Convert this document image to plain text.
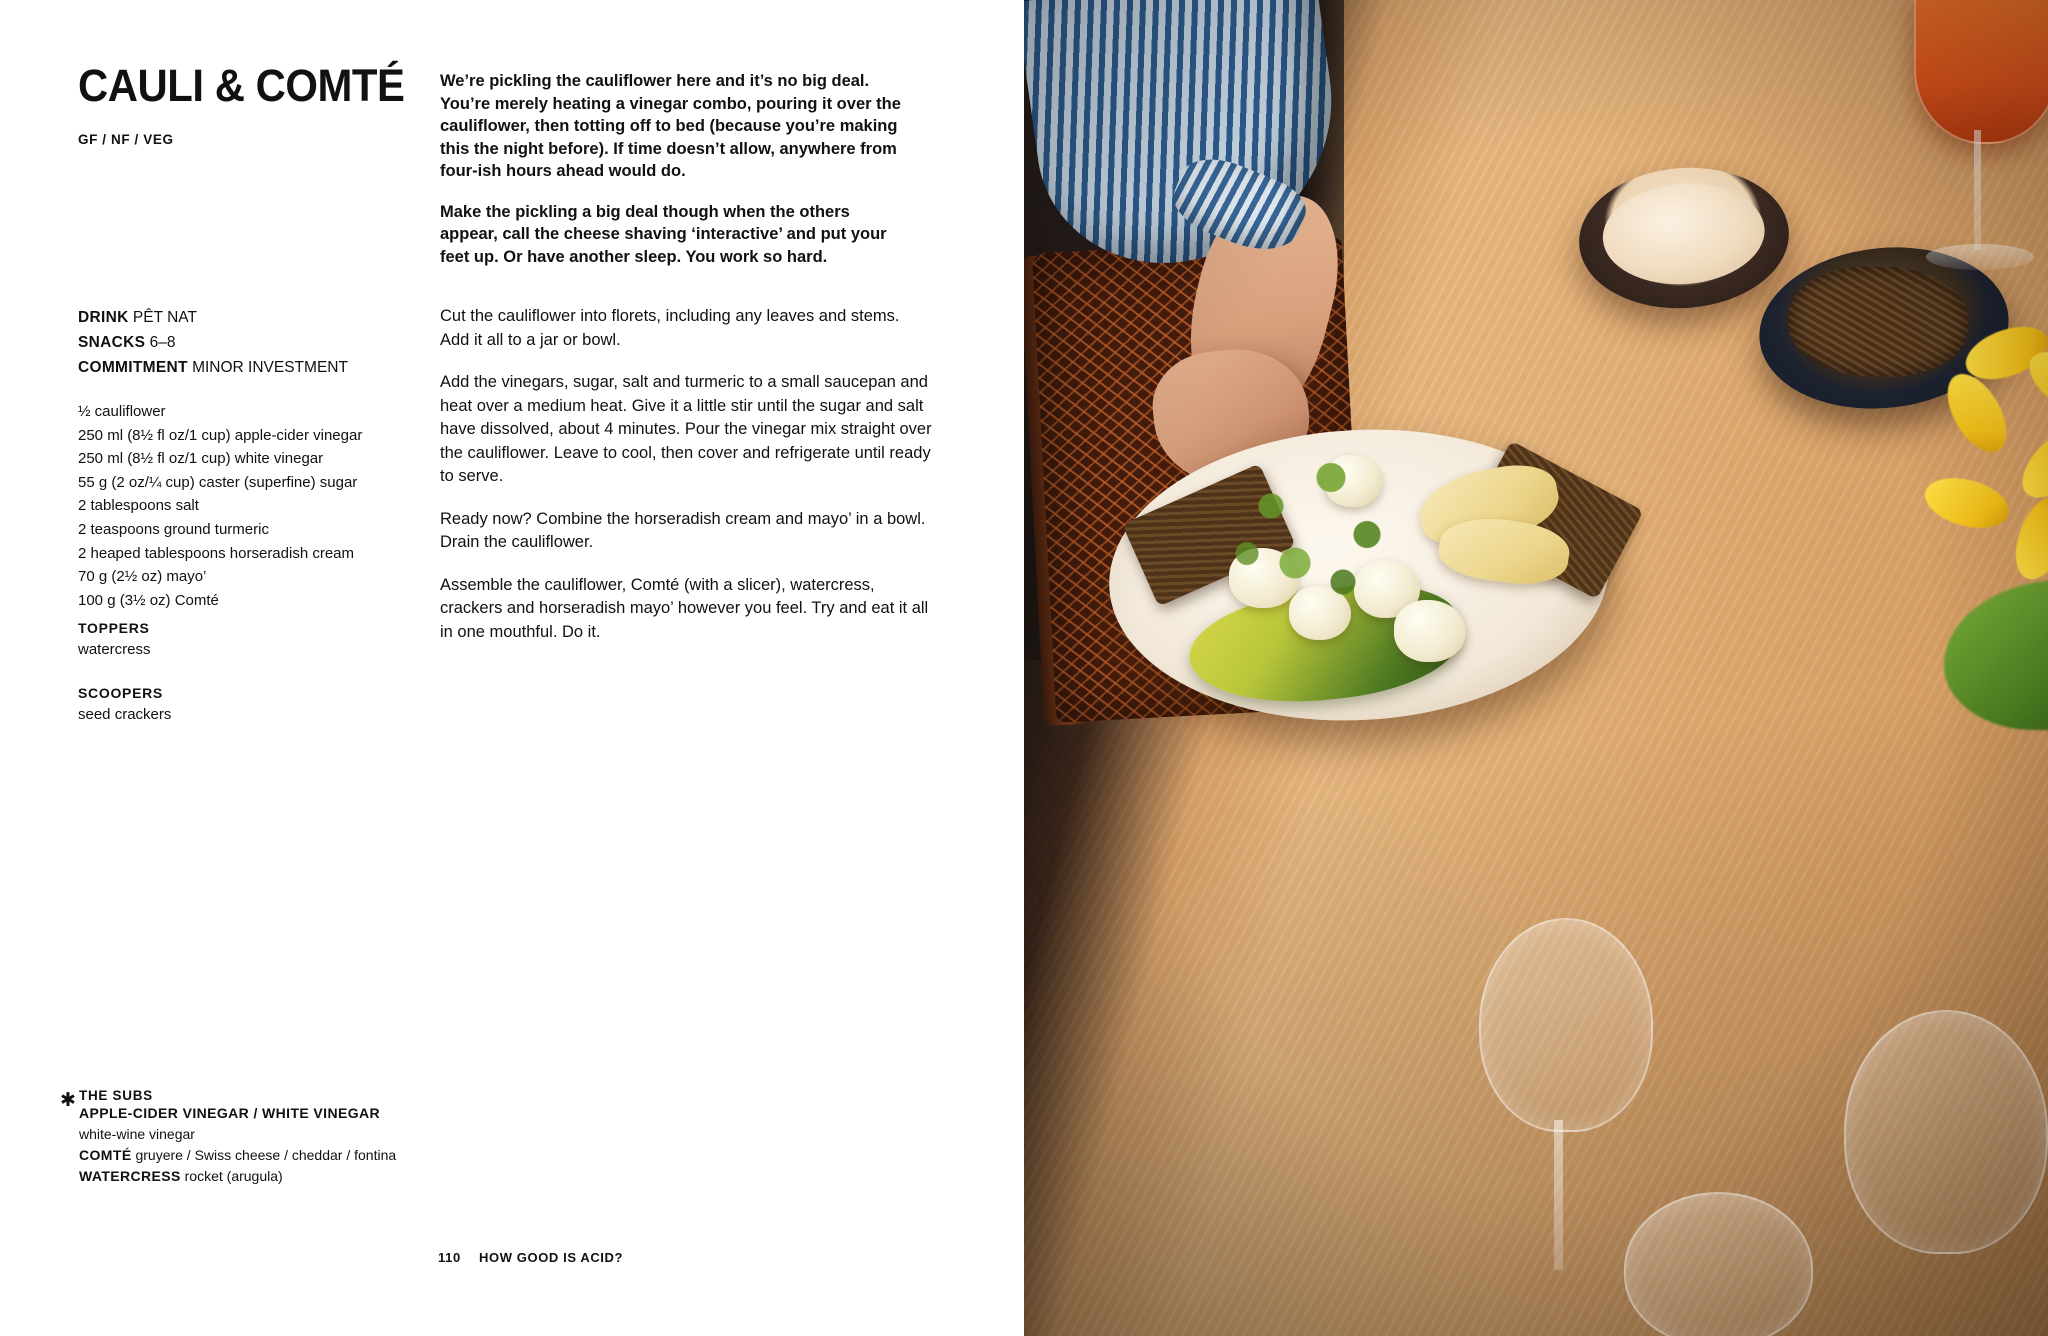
CAULI & COMTÉ
GF / NF / VEG

We’re pickling the cauliflower here and it’s no big deal. You’re merely heating a vinegar combo, pouring it over the cauliflower, then totting off to bed (because you’re making this the night before). If time doesn’t allow, anywhere from four-ish hours ahead would do.

Make the pickling a big deal though when the others appear, call the cheese shaving ‘interactive’ and put your feet up. Or have another sleep. You work so hard.

DRINK PÊT NAT
SNACKS 6–8
COMMITMENT MINOR INVESTMENT
½ cauliflower
250 ml (8½ fl oz/1 cup) apple-cider vinegar
250 ml (8½ fl oz/1 cup) white vinegar
55 g (2 oz/¼ cup) caster (superfine) sugar
2 tablespoons salt
2 teaspoons ground turmeric
2 heaped tablespoons horseradish cream
70 g (2½ oz) mayo’
100 g (3½ oz) Comté
TOPPERS
watercress
SCOOPERS
seed crackers

Cut the cauliflower into florets, including any leaves and stems. Add it all to a jar or bowl.

Add the vinegars, sugar, salt and turmeric to a small saucepan and heat over a medium heat. Give it a little stir until the sugar and salt have dissolved, about 4 minutes. Pour the vinegar mix straight over the cauliflower. Leave to cool, then cover and refrigerate until ready to serve.

Ready now? Combine the horseradish cream and mayo’ in a bowl. Drain the cauliflower.

Assemble the cauliflower, Comté (with a slicer), watercress, crackers and horseradish mayo’ however you feel. Try and eat it all in one mouthful. Do it.

✱ THE SUBS
APPLE-CIDER VINEGAR / WHITE VINEGAR
white-wine vinegar
COMTÉ gruyere / Swiss cheese / cheddar / fontina
WATERCRESS rocket (arugula)
110 HOW GOOD IS ACID?
